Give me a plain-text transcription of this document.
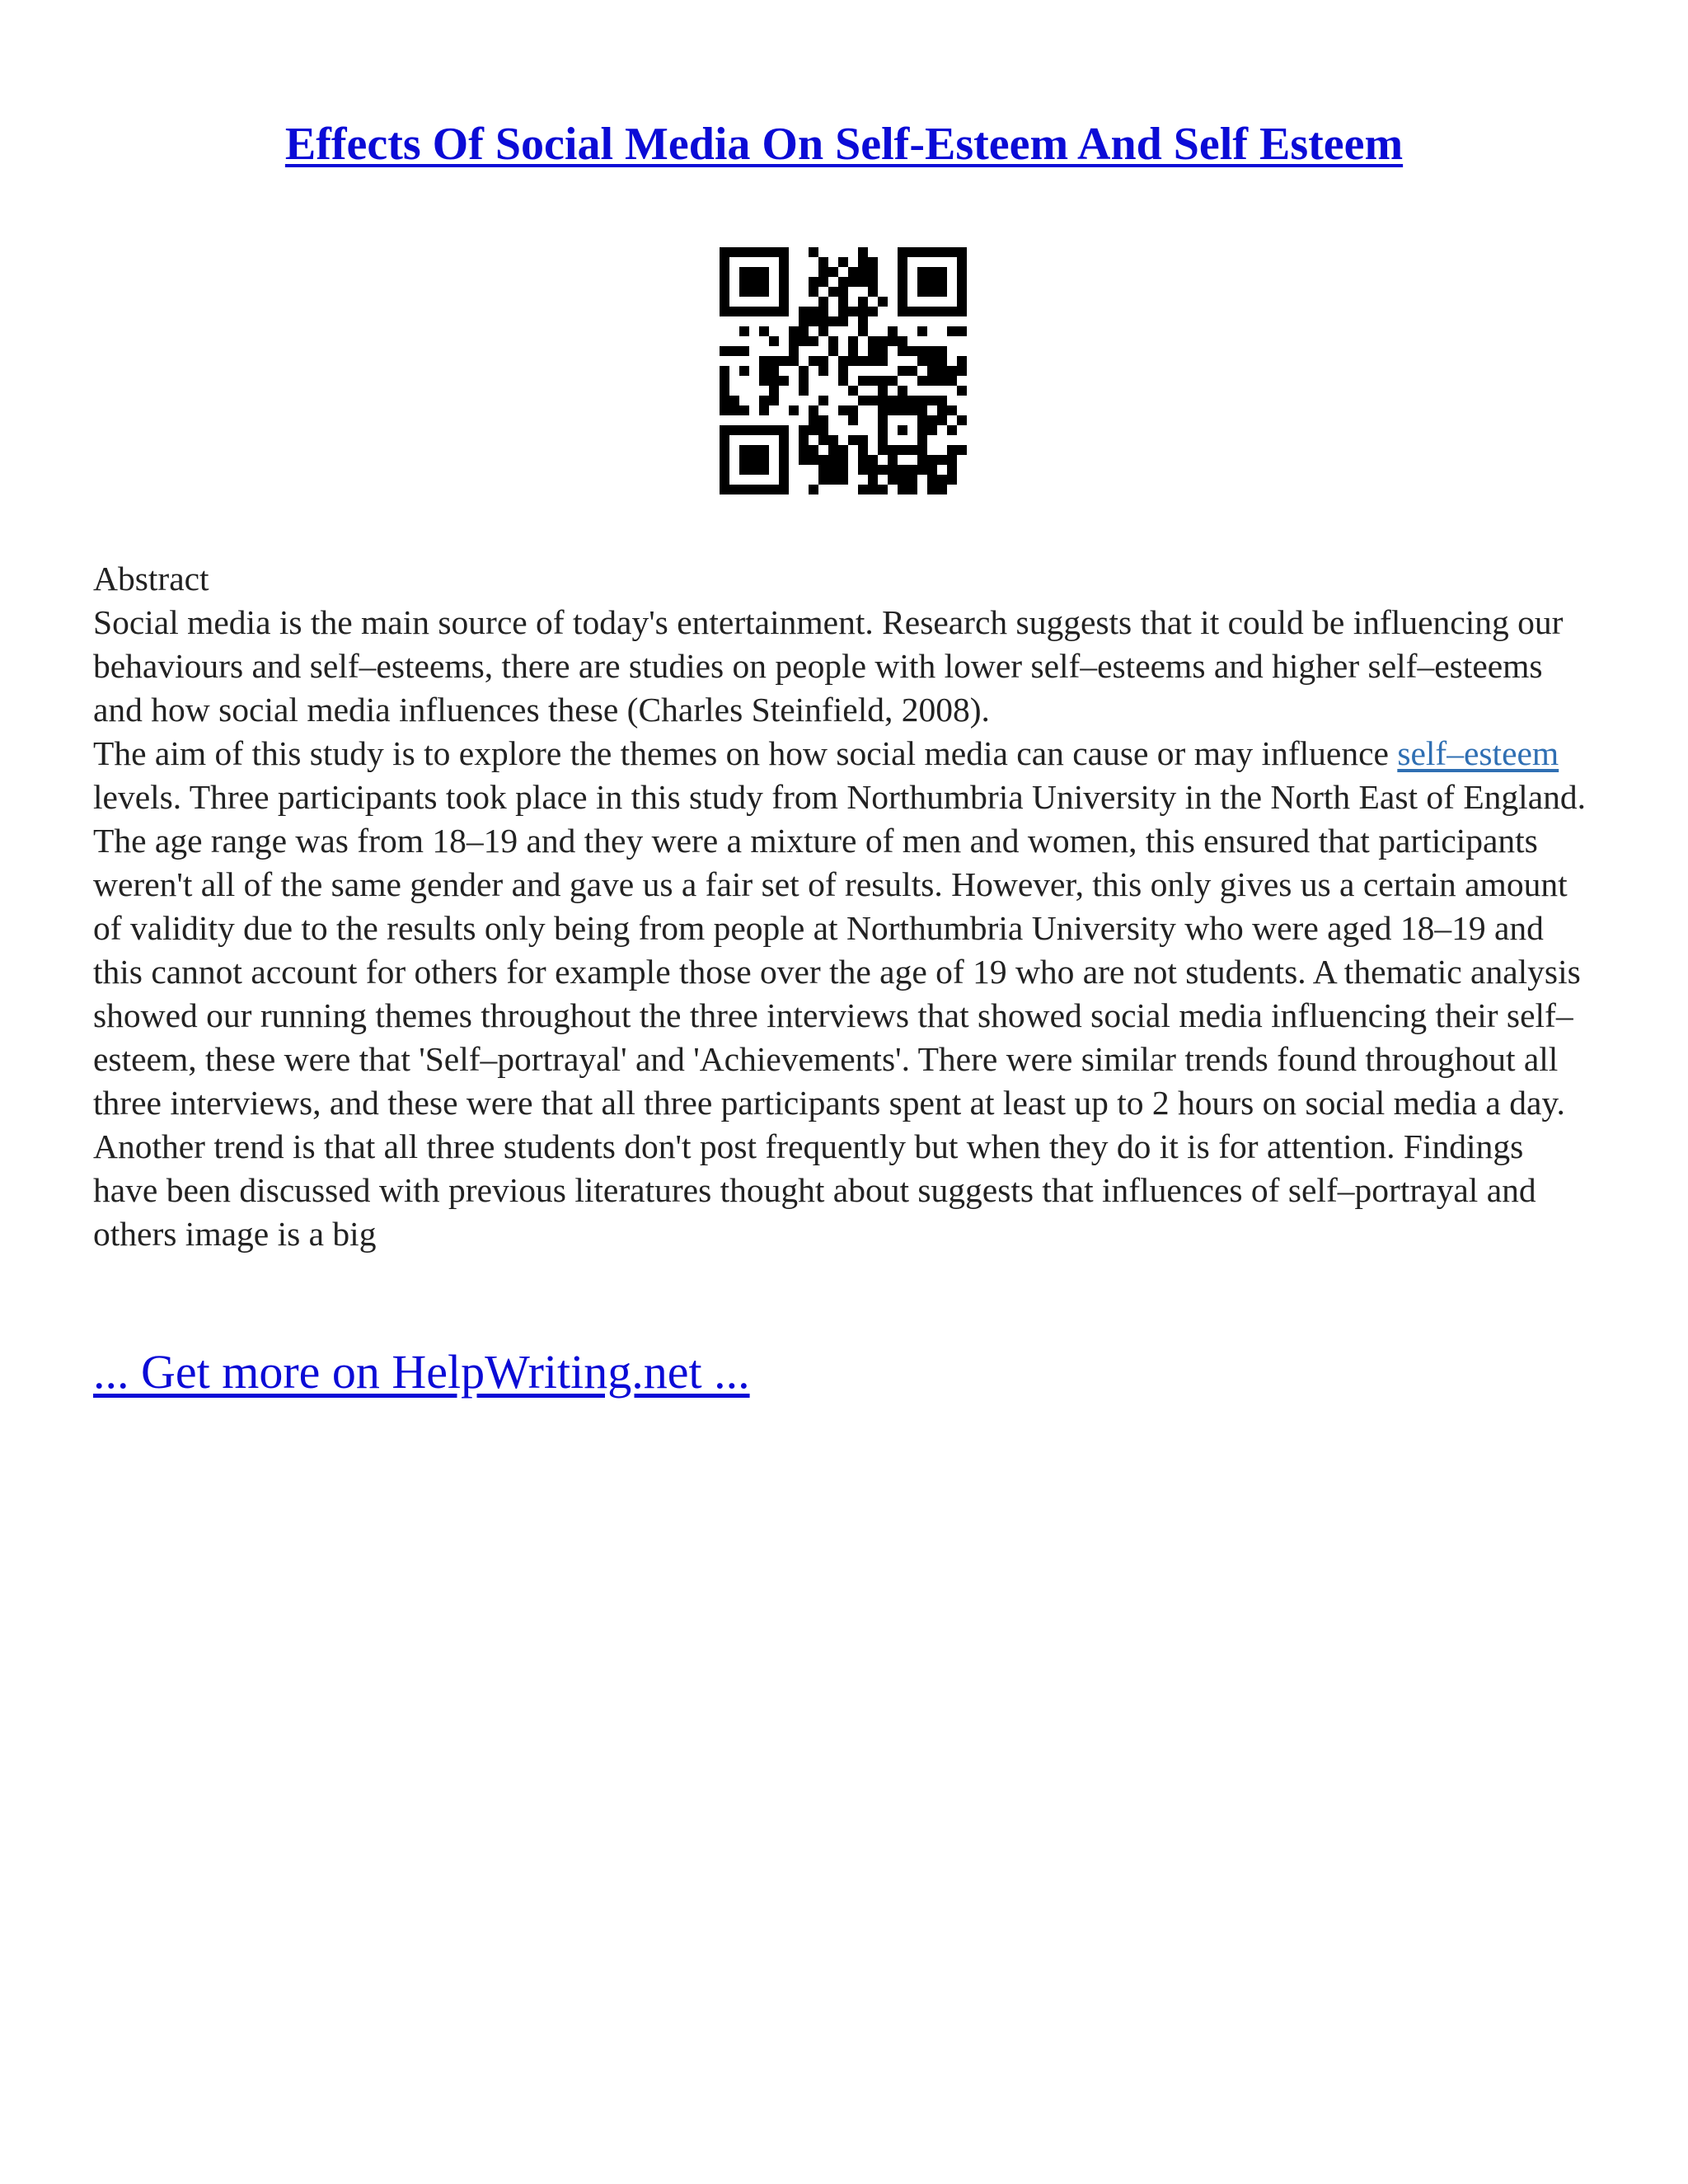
Effects Of Social Media On Self-Esteem And Self Esteem

Abstract

Social media is the main source of today's entertainment. Research suggests that it could be influencing our behaviours and self–esteems, there are studies on people with lower self–esteems and higher self–esteems and how social media influences these (Charles Steinfield, 2008).

The aim of this study is to explore the themes on how social media can cause or may influence self–esteem levels. Three participants took place in this study from Northumbria University in the North East of England. The age range was from 18–19 and they were a mixture of men and women, this ensured that participants weren't all of the same gender and gave us a fair set of results. However, this only gives us a certain amount of validity due to the results only being from people at Northumbria University who were aged 18–19 and this cannot account for others for example those over the age of 19 who are not students. A thematic analysis showed our running themes throughout the three interviews that showed social media influencing their self–esteem, these were that 'Self–portrayal' and 'Achievements'. There were similar trends found throughout all three interviews, and these were that all three participants spent at least up to 2 hours on social media a day. Another trend is that all three students don't post frequently but when they do it is for attention. Findings have been discussed with previous literatures thought about suggests that influences of self–portrayal and others image is a big

... Get more on HelpWriting.net ...
